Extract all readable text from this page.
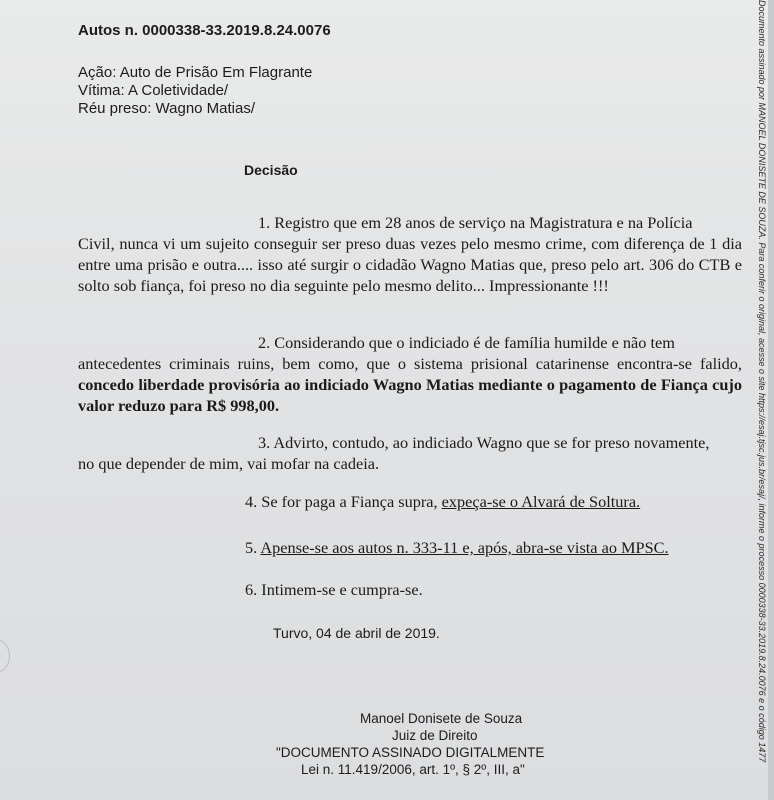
Autos n. 0000338-33.2019.8.24.0076
Ação: Auto de Prisão Em Flagrante
Vítima: A Coletividade/
Réu preso: Wagno Matias/
Decisão
1. Registro que em 28 anos de serviço na Magistratura e na Polícia
Civil, nunca vi um sujeito conseguir ser preso duas vezes pelo mesmo crime, com diferença de 1 dia entre uma prisão e outra.... isso até surgir o cidadão Wagno Matias que, preso pelo art. 306 do CTB e solto sob fiança, foi preso no dia seguinte pelo mesmo delito... Impressionante !!!
2. Considerando que o indiciado é de família humilde e não tem
antecedentes criminais ruins, bem como, que o sistema prisional catarinense encontra-se falido, concedo liberdade provisória ao indiciado Wagno Matias mediante o pagamento de Fiança cujo valor reduzo para R$ 998,00.
3. Advirto, contudo, ao indiciado Wagno que se for preso novamente,
no que depender de mim, vai mofar na cadeia.
4. Se for paga a Fiança supra, expeça-se o Alvará de Soltura.
5. Apense-se aos autos n. 333-11 e, após, abra-se vista ao MPSC.
6. Intimem-se e cumpra-se.
Turvo, 04 de abril de 2019.
Manoel Donisete de Souza
Juiz de Direito
"DOCUMENTO ASSINADO DIGITALMENTE
Lei n. 11.419/2006, art. 1º, § 2º, III, a"
Documento assinado por MANOEL DONISETE DE SOUZA. Para conferir o original, acesse o site https://esaj.tjsc.jus.br/esaj/, informe o processo 0000338-33.2019.8.24.0076 e o código 1477
